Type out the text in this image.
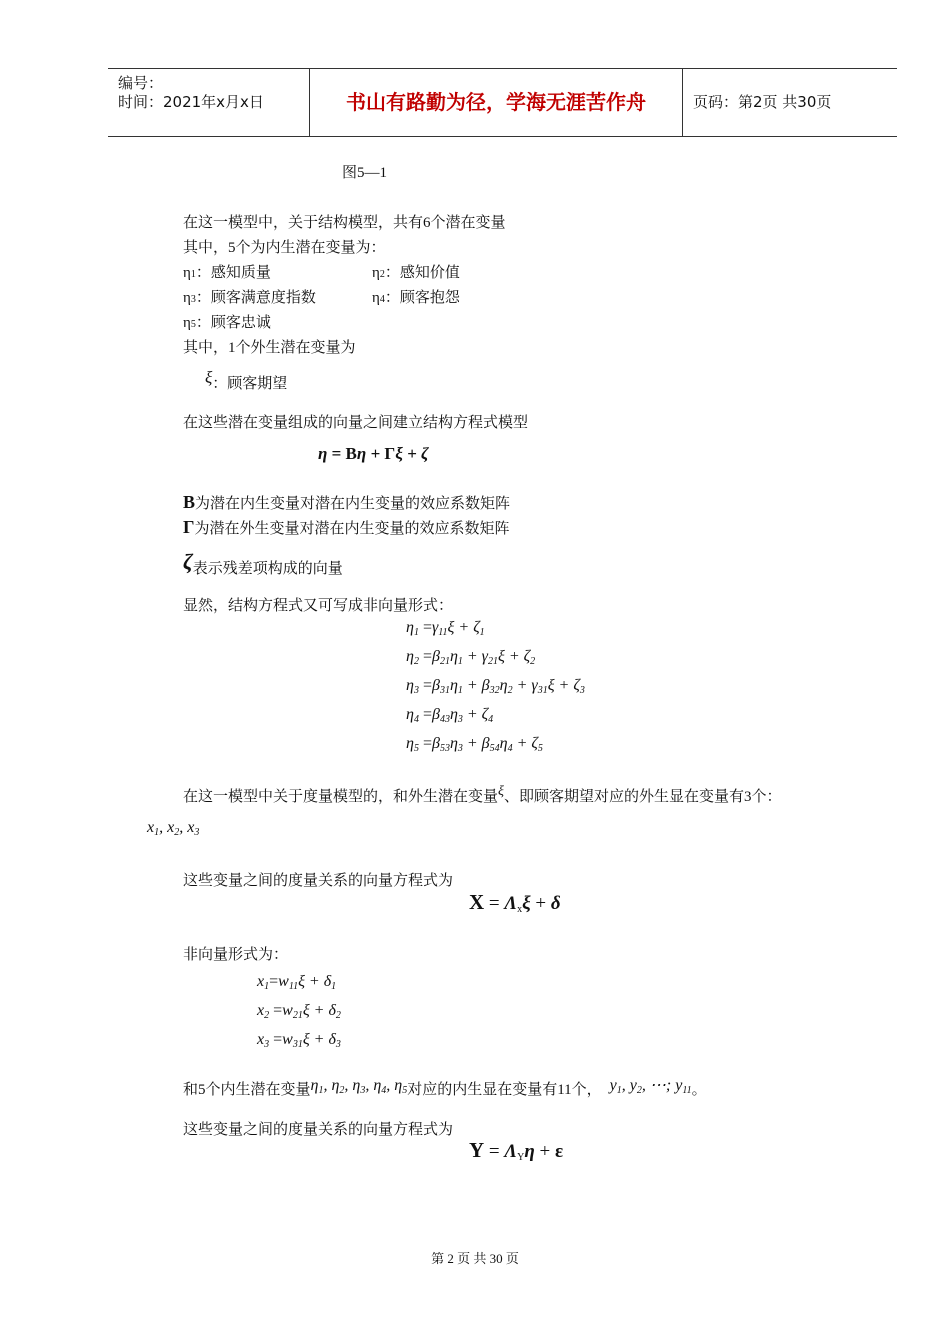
编号：
时间：2021年x月x日	书山有路勤为径，学海无涯苦作舟	页码：第2页 共30页
图5—1
在这一模型中，关于结构模型，共有6个潜在变量
其中，5个为内生潜在变量为：
η1：感知质量	η2：感知价值
η3：顾客满意度指数	η4：顾客抱怨
η5：顾客忠诚
其中，1个外生潜在变量为
ξ：顾客期望
在这些潜在变量组成的向量之间建立结构方程式模型
η = Bη + Γξ + ζ
B为潜在内生变量对潜在内生变量的效应系数矩阵
Γ为潜在外生变量对潜在内生变量的效应系数矩阵
ζ表示残差项构成的向量
显然，结构方程式又可写成非向量形式：
$\eta_1 =\gamma_{11}\xi + \zeta_1$
$\eta_2 =\beta_{21}\eta_1 + \gamma_{21}\xi + \zeta_2$
$\eta_3 =\beta_{31}\eta_1 + \beta_{32}\eta_2 + \gamma_{31}\xi + \zeta_3$
$\eta_4 =\beta_{43}\eta_3 + \zeta_4$
$\eta_5 =\beta_{53}\eta_3 + \beta_{54}\eta_4 + \zeta_5$
在这一模型中关于度量模型的，和外生潜在变量ξ、即顾客期望对应的外生显在变量有3个：
$x_1$, $x_2$, $x_3$
这些变量之间的度量关系的向量方程式为
$X = \Lambda_x\xi + \delta$
非向量形式为：
$x_1=w_{11}\xi + \delta_1$
$x_2 =w_{21}\xi + \delta_2$
$x_3 =w_{31}\xi + \delta_3$
和5个内生潜在变量$\eta_1$, $\eta_2$, $\eta_3$, $\eta_4$, $\eta_5$对应的内生显在变量有11个， $y_1$, $y_2$, ⋯; $y_{11}$。
这些变量之间的度量关系的向量方程式为
$Y = \Lambda_Y\eta + \varepsilon$
第 2 页 共 30 页
